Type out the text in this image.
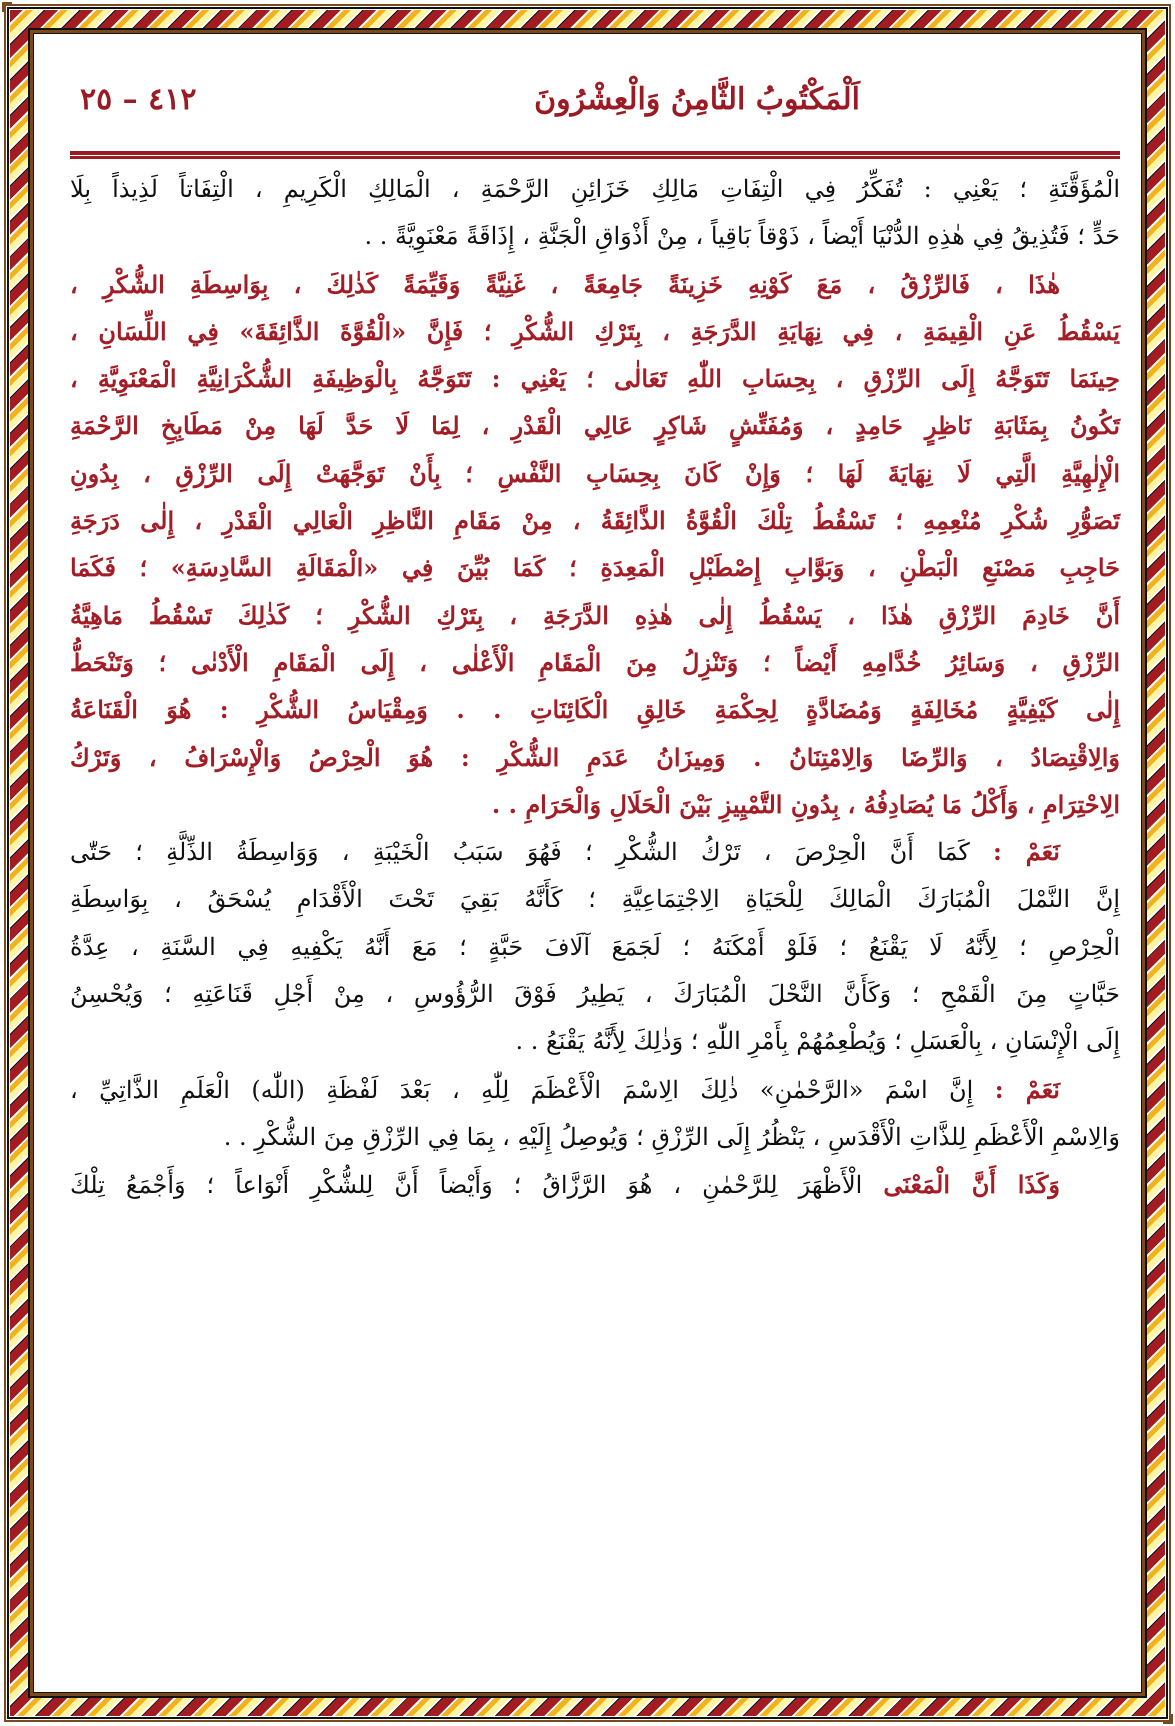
اَلْمَكْتُوبُ الثَّامِنُ وَالْعِشْرُونَ
٤١٢ – ٢٥

الْمُؤَقَّتَةِ ؛ يَعْنِي : تُفَكِّرُ فِي الْتِفَاتِ مَالِكِ خَزَائِنِ الرَّحْمَةِ ، الْمَالِكِ الْكَرِيمِ ، الْتِفَاتاً لَذِيذاً بِلَا
حَدٍّ ؛ فَتُذِيقُ فِي هٰذِهِ الدُّنْيَا أَيْضاً ، ذَوْقاً بَاقِياً ، مِنْ أَذْوَاقِ الْجَنَّةِ ، إِذَاقَةً مَعْنَوِيَّةً . .

هٰذَا ، فَالرِّزْقُ ، مَعَ كَوْنِهِ خَزِينَةً جَامِعَةً ، غَنِيَّةً وَقَيِّمَةً كَذٰلِكَ ، بِوَاسِطَةِ الشُّكْرِ ،
يَسْقُطُ عَنِ الْقِيمَةِ ، فِي نِهَايَةِ الدَّرَجَةِ ، بِتَرْكِ الشُّكْرِ ؛ فَإِنَّ «الْقُوَّةَ الذَّائِقَةَ» فِي اللِّسَانِ ،
حِينَمَا تَتَوَجَّهُ إِلَى الرِّزْقِ ، بِحِسَابِ اللّٰهِ تَعَالٰى ؛ يَعْنِي : تَتَوَجَّهُ بِالْوَظِيفَةِ الشُّكْرَانِيَّةِ الْمَعْنَوِيَّةِ ،
تَكُونُ بِمَثَابَةِ نَاظِرٍ حَامِدٍ ، وَمُفَتِّشٍ شَاكِرٍ عَالِي الْقَدْرِ ، لِمَا لَا حَدَّ لَهَا مِنْ مَطَابِخِ الرَّحْمَةِ
الْإِلٰهِيَّةِ الَّتِي لَا نِهَايَةَ لَهَا ؛ وَإِنْ كَانَ بِحِسَابِ النَّفْسِ ؛ بِأَنْ تَوَجَّهَتْ إِلَى الرِّزْقِ ، بِدُونِ
تَصَوُّرِ شُكْرِ مُنْعِمِهِ ؛ تَسْقُطُ تِلْكَ الْقُوَّةُ الذَّائِقَةُ ، مِنْ مَقَامِ النَّاظِرِ الْعَالِي الْقَدْرِ ، إِلٰى دَرَجَةِ
حَاجِبِ مَصْنَعِ الْبَطْنِ ، وَبَوَّابِ إِصْطَبْلِ الْمَعِدَةِ ؛ كَمَا بُيِّنَ فِي «الْمَقَالَةِ السَّادِسَةِ» ؛ فَكَمَا
أَنَّ خَادِمَ الرِّزْقِ هٰذَا ، يَسْقُطُ إِلٰى هٰذِهِ الدَّرَجَةِ ، بِتَرْكِ الشُّكْرِ ؛ كَذٰلِكَ تَسْقُطُ مَاهِيَّةُ
الرِّزْقِ ، وَسَائِرُ خُدَّامِهِ أَيْضاً ؛ وَتَنْزِلُ مِنَ الْمَقَامِ الْأَعْلٰى ، إِلَى الْمَقَامِ الْأَدْنٰى ؛ وَتَنْحَطُّ
إِلٰى كَيْفِيَّةٍ مُخَالِفَةٍ وَمُضَادَّةٍ لِحِكْمَةِ خَالِقِ الْكَائِنَاتِ . . وَمِقْيَاسُ الشُّكْرِ : هُوَ الْقَنَاعَةُ
وَالِاقْتِصَادُ ، وَالرِّضَا وَالِامْتِنَانُ . وَمِيزَانُ عَدَمِ الشُّكْرِ : هُوَ الْحِرْصُ وَالْإِسْرَافُ ، وَتَرْكُ
الِاحْتِرَامِ ، وَأَكْلُ مَا يُصَادِفُهُ ، بِدُونِ التَّمْيِيزِ بَيْنَ الْحَلَالِ وَالْحَرَامِ . .

نَعَمْ : كَمَا أَنَّ الْحِرْصَ ، تَرْكُ الشُّكْرِ ؛ فَهُوَ سَبَبُ الْخَيْبَةِ ، وَوَاسِطَةُ الذِّلَّةِ ؛ حَتّٰى
إِنَّ النَّمْلَ الْمُبَارَكَ الْمَالِكَ لِلْحَيَاةِ الِاجْتِمَاعِيَّةِ ؛ كَأَنَّهُ بَقِيَ تَحْتَ الْأَقْدَامِ يُسْحَقُ ، بِوَاسِطَةِ
الْحِرْصِ ؛ لِأَنَّهُ لَا يَقْنَعُ ؛ فَلَوْ أَمْكَنَهُ ؛ لَجَمَعَ آلَافَ حَبَّةٍ ؛ مَعَ أَنَّهُ يَكْفِيهِ فِي السَّنَةِ ، عِدَّةُ
حَبَّاتٍ مِنَ الْقَمْحِ ؛ وَكَأَنَّ النَّحْلَ الْمُبَارَكَ ، يَطِيرُ فَوْقَ الرُّؤُوسِ ، مِنْ أَجْلِ قَنَاعَتِهِ ؛ وَيُحْسِنُ
إِلَى الْإِنْسَانِ ، بِالْعَسَلِ ؛ وَيُطْعِمُهُمْ بِأَمْرِ اللّٰهِ ؛ وَذٰلِكَ لِأَنَّهُ يَقْنَعُ . .

نَعَمْ : إِنَّ اسْمَ «الرَّحْمٰنِ» ذٰلِكَ الِاسْمَ الْأَعْظَمَ لِلّٰهِ ، بَعْدَ لَفْظَةِ (اللّٰه) الْعَلَمِ الذَّاتِيِّ ،
وَالِاسْمِ الْأَعْظَمِ لِلذَّاتِ الْأَقْدَسِ ، يَنْظُرُ إِلَى الرِّزْقِ ؛ وَيُوصِلُ إِلَيْهِ ، بِمَا فِي الرِّزْقِ مِنَ الشُّكْرِ . .

وَكَذَا أَنَّ الْمَعْنَى الْأَظْهَرَ لِلرَّحْمٰنِ ، هُوَ الرَّزَّاقُ ؛ وَأَيْضاً أَنَّ لِلشُّكْرِ أَنْوَاعاً ؛ وَأَجْمَعُ تِلْكَ
